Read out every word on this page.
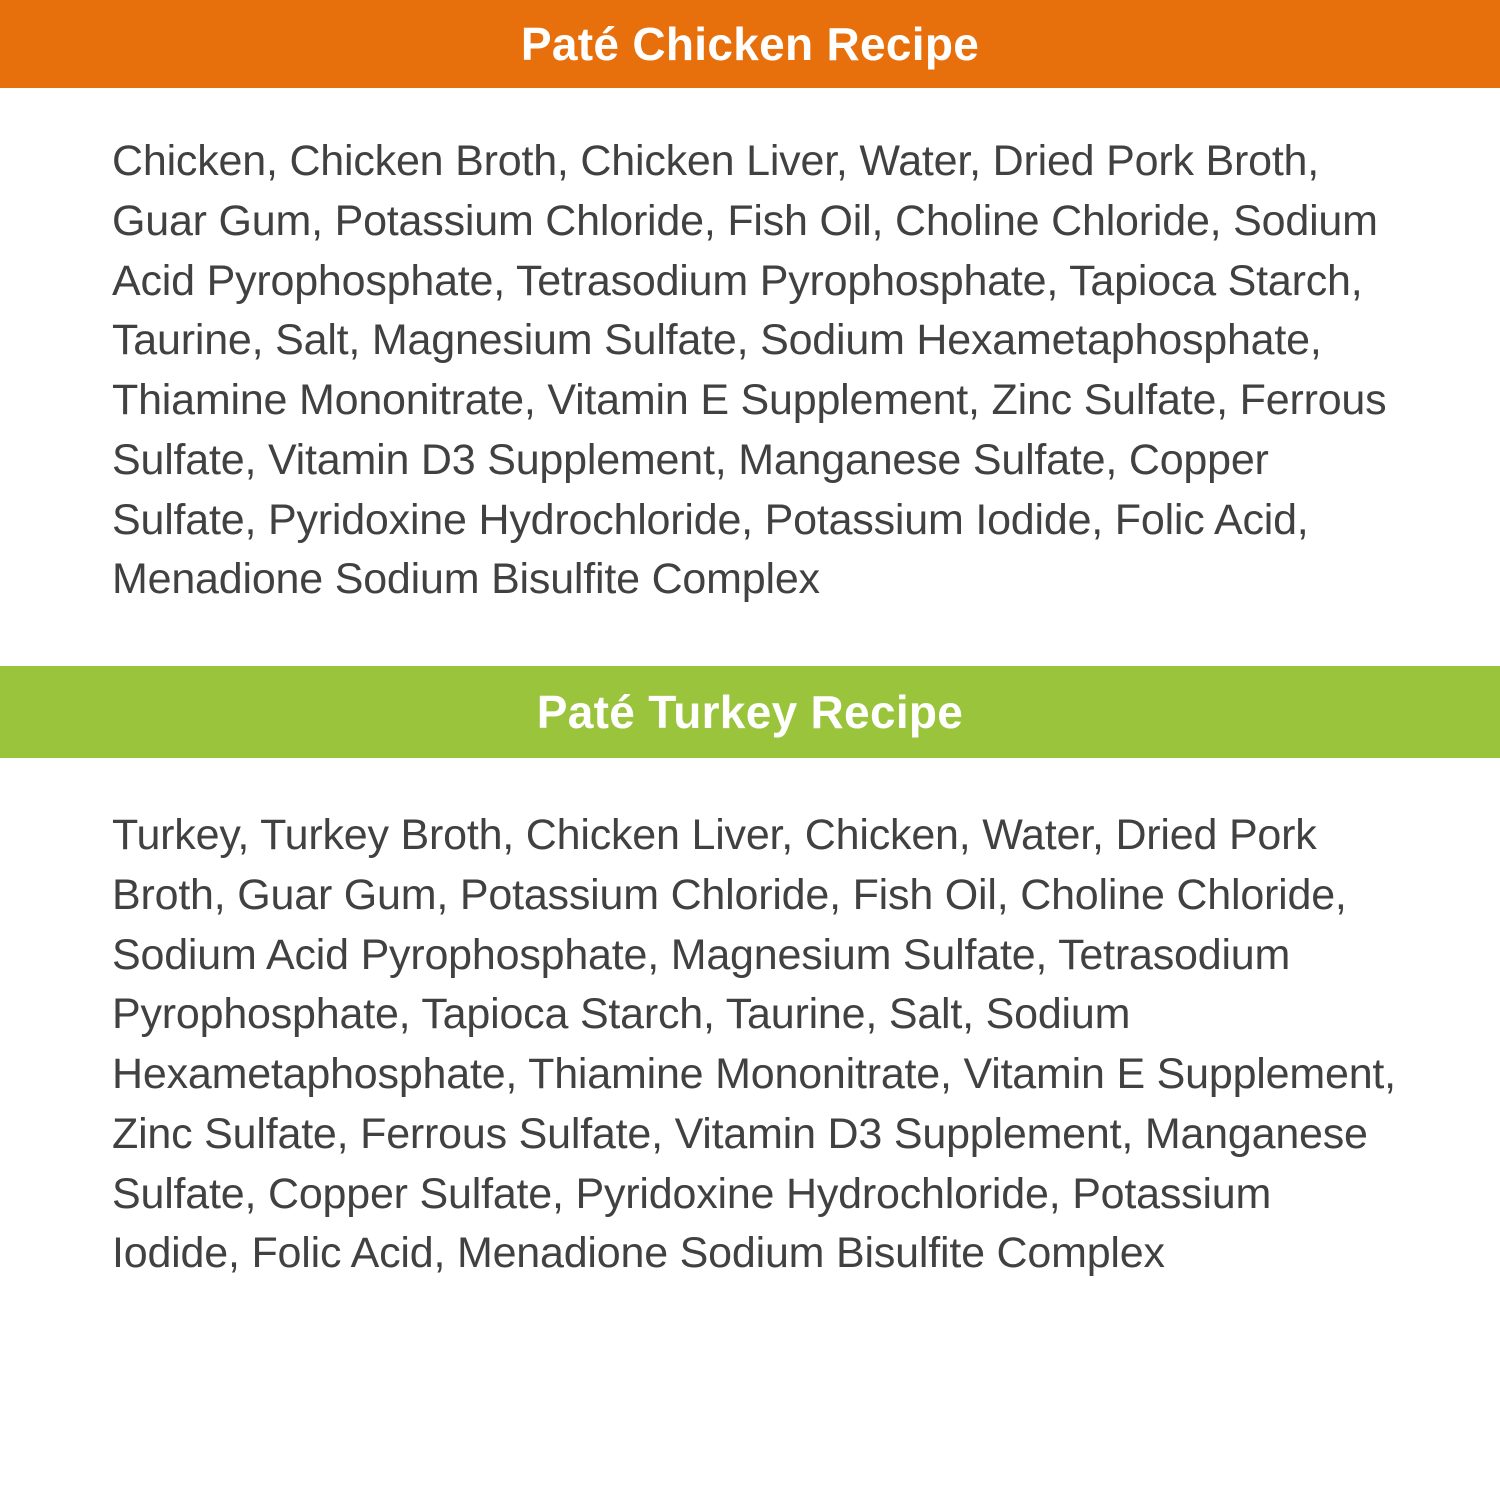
Paté Chicken Recipe
Chicken, Chicken Broth, Chicken Liver, Water, Dried Pork Broth, Guar Gum, Potassium Chloride, Fish Oil, Choline Chloride, Sodium Acid Pyrophosphate, Tetrasodium Pyrophosphate, Tapioca Starch, Taurine, Salt, Magnesium Sulfate, Sodium Hexametaphosphate, Thiamine Mononitrate, Vitamin E Supplement, Zinc Sulfate, Ferrous Sulfate, Vitamin D3 Supplement, Manganese Sulfate, Copper Sulfate, Pyridoxine Hydrochloride, Potassium Iodide, Folic Acid, Menadione Sodium Bisulfite Complex
Paté Turkey Recipe
Turkey, Turkey Broth, Chicken Liver, Chicken, Water, Dried Pork Broth, Guar Gum, Potassium Chloride, Fish Oil, Choline Chloride, Sodium Acid Pyrophosphate, Magnesium Sulfate, Tetrasodium Pyrophosphate, Tapioca Starch, Taurine, Salt, Sodium Hexametaphosphate, Thiamine Mononitrate, Vitamin E Supplement, Zinc Sulfate, Ferrous Sulfate, Vitamin D3 Supplement, Manganese Sulfate, Copper Sulfate, Pyridoxine Hydrochloride, Potassium Iodide, Folic Acid, Menadione Sodium Bisulfite Complex
